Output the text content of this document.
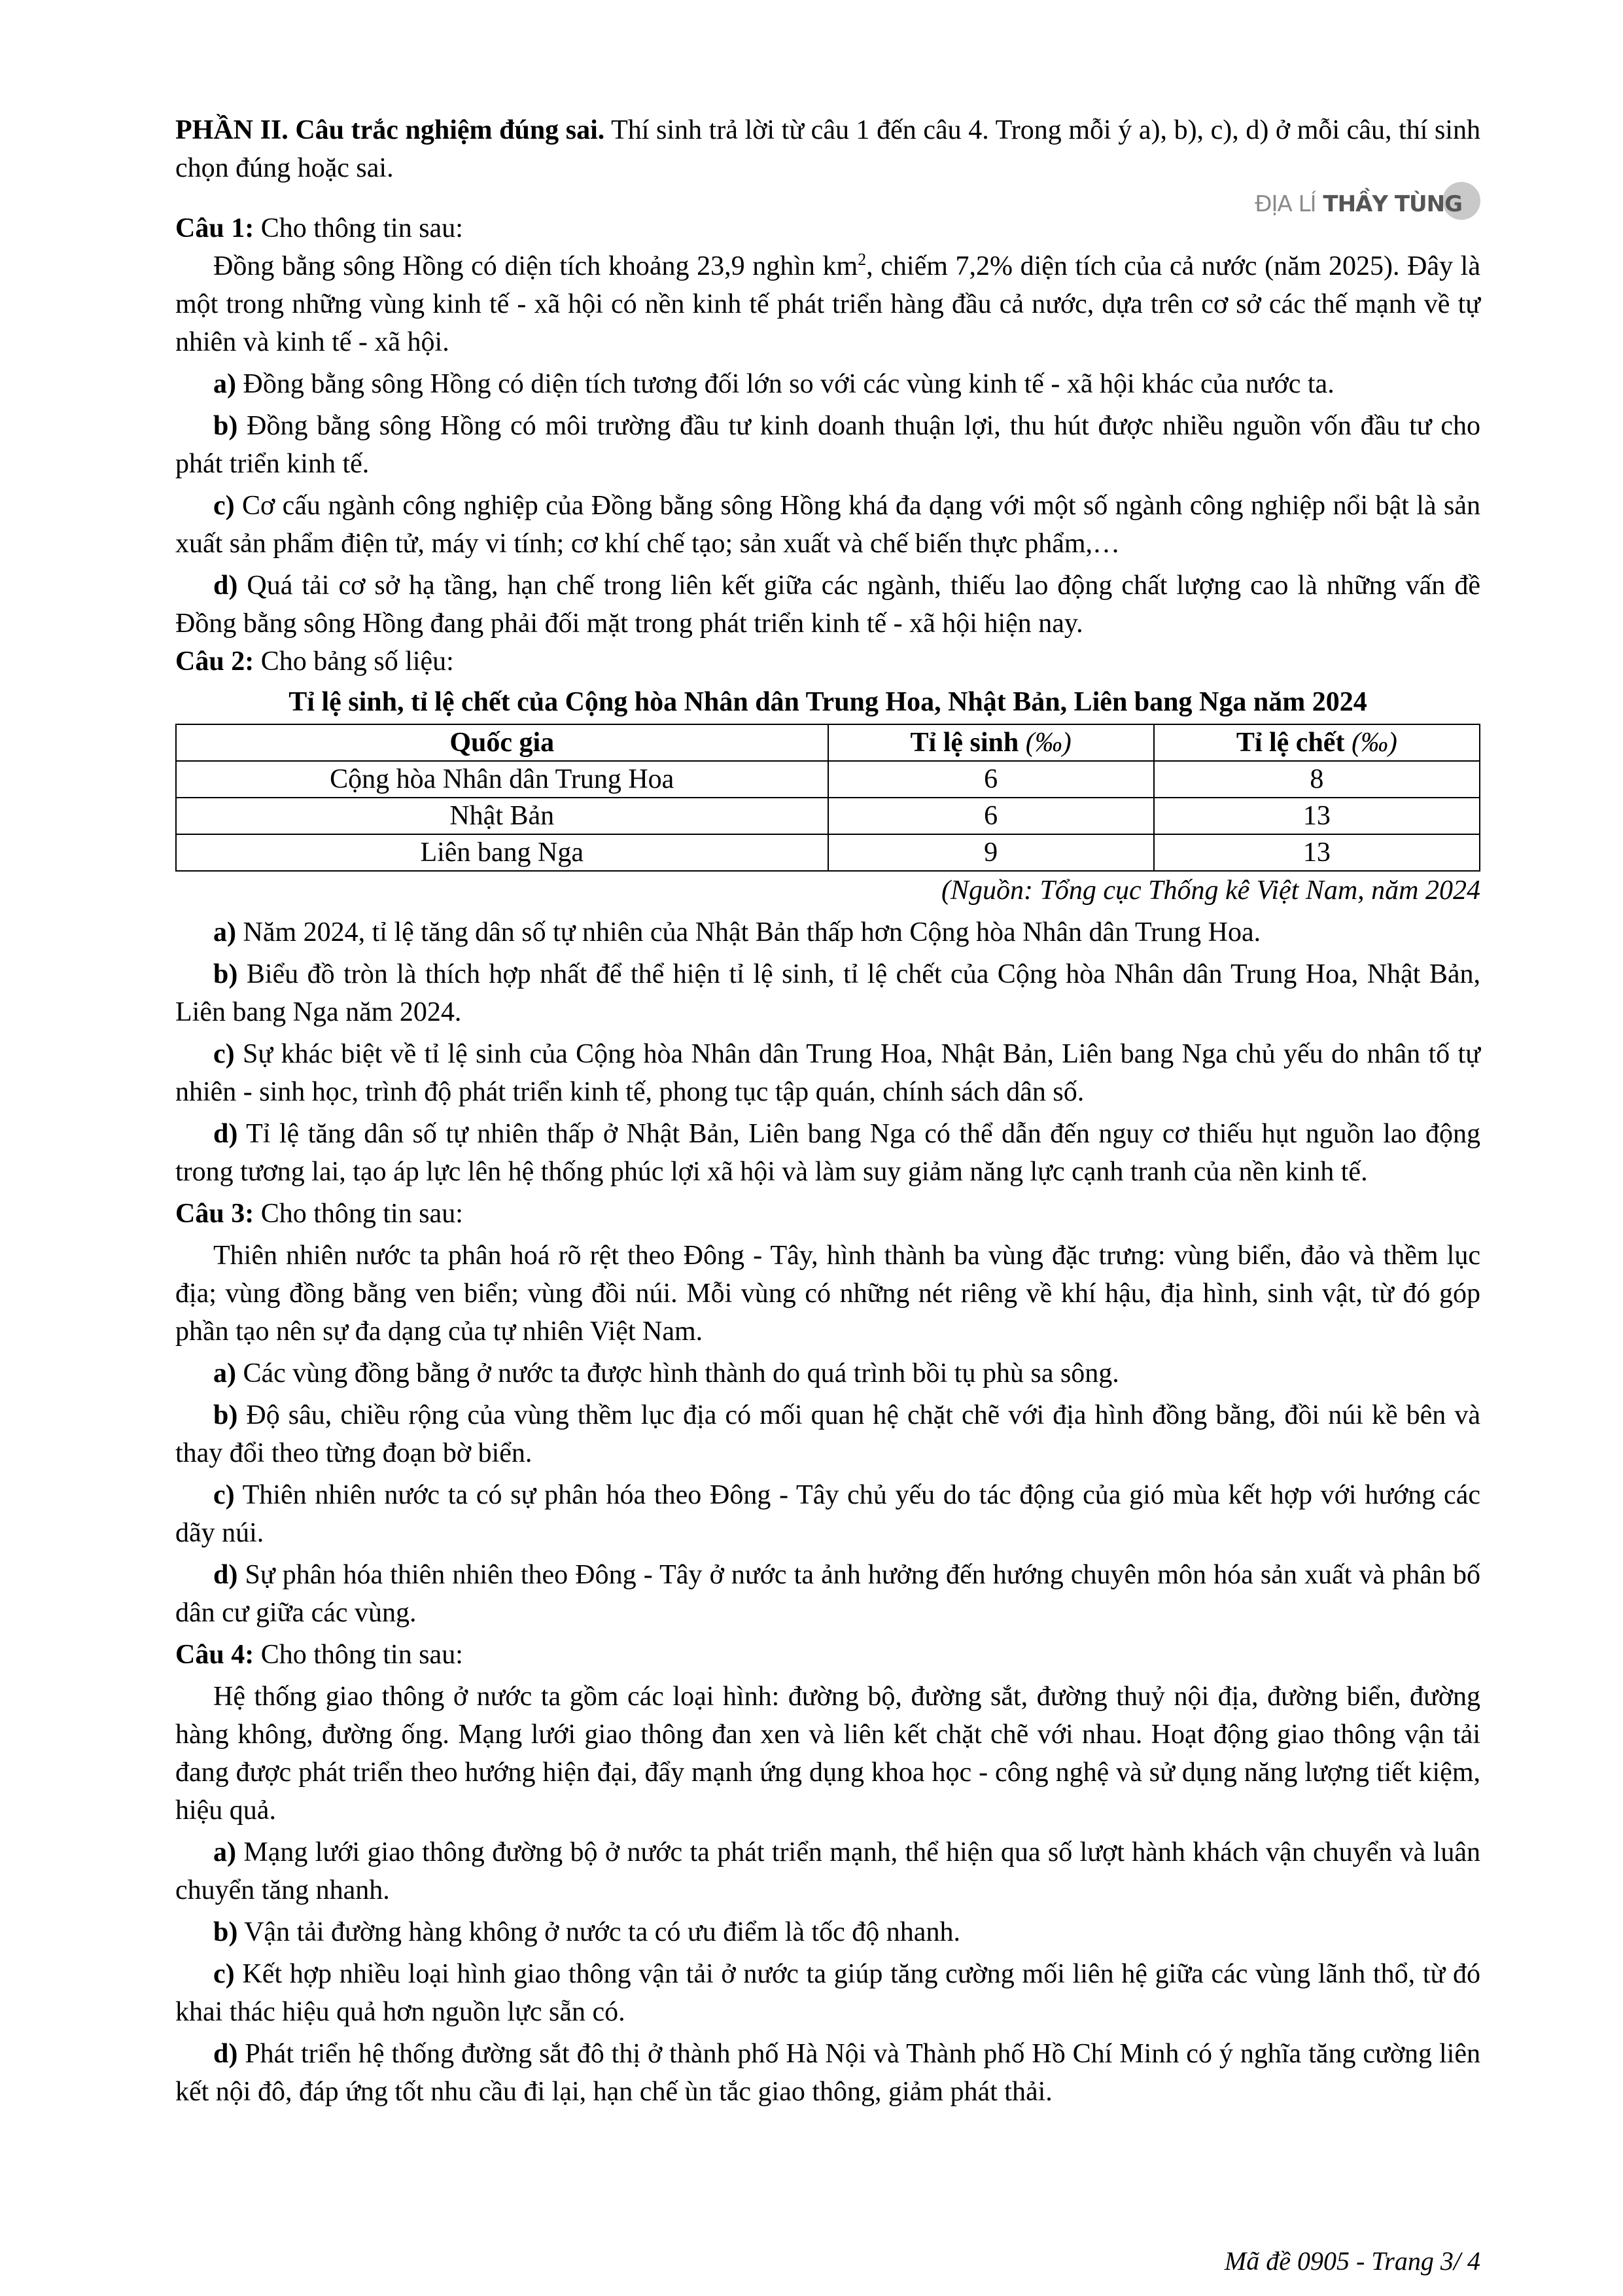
ĐỊA LÍ THẦY TÙNG

PHẦN II. Câu trắc nghiệm đúng sai. Thí sinh trả lời từ câu 1 đến câu 4. Trong mỗi ý a), b), c), d) ở mỗi câu, thí sinh chọn đúng hoặc sai.

Câu 1: Cho thông tin sau:

Đồng bằng sông Hồng có diện tích khoảng 23,9 nghìn $km^2$, chiếm 7,2% diện tích của cả nước (năm 2025). Đây là một trong những vùng kinh tế - xã hội có nền kinh tế phát triển hàng đầu cả nước, dựa trên cơ sở các thế mạnh về tự nhiên và kinh tế - xã hội.

a) Đồng bằng sông Hồng có diện tích tương đối lớn so với các vùng kinh tế - xã hội khác của nước ta.

b) Đồng bằng sông Hồng có môi trường đầu tư kinh doanh thuận lợi, thu hút được nhiều nguồn vốn đầu tư cho phát triển kinh tế.

c) Cơ cấu ngành công nghiệp của Đồng bằng sông Hồng khá đa dạng với một số ngành công nghiệp nổi bật là sản xuất sản phẩm điện tử, máy vi tính; cơ khí chế tạo; sản xuất và chế biến thực phẩm,…

d) Quá tải cơ sở hạ tầng, hạn chế trong liên kết giữa các ngành, thiếu lao động chất lượng cao là những vấn đề Đồng bằng sông Hồng đang phải đối mặt trong phát triển kinh tế - xã hội hiện nay.

Câu 2: Cho bảng số liệu:

Tỉ lệ sinh, tỉ lệ chết của Cộng hòa Nhân dân Trung Hoa, Nhật Bản, Liên bang Nga năm 2024

Quốc gia	Tỉ lệ sinh (‰)	Tỉ lệ chết (‰)
Cộng hòa Nhân dân Trung Hoa	6	8
Nhật Bản	6	13
Liên bang Nga	9	13

(Nguồn: Tổng cục Thống kê Việt Nam, năm 2024

a) Năm 2024, tỉ lệ tăng dân số tự nhiên của Nhật Bản thấp hơn Cộng hòa Nhân dân Trung Hoa.

b) Biểu đồ tròn là thích hợp nhất để thể hiện tỉ lệ sinh, tỉ lệ chết của Cộng hòa Nhân dân Trung Hoa, Nhật Bản, Liên bang Nga năm 2024.

c) Sự khác biệt về tỉ lệ sinh của Cộng hòa Nhân dân Trung Hoa, Nhật Bản, Liên bang Nga chủ yếu do nhân tố tự nhiên - sinh học, trình độ phát triển kinh tế, phong tục tập quán, chính sách dân số.

d) Tỉ lệ tăng dân số tự nhiên thấp ở Nhật Bản, Liên bang Nga có thể dẫn đến nguy cơ thiếu hụt nguồn lao động trong tương lai, tạo áp lực lên hệ thống phúc lợi xã hội và làm suy giảm năng lực cạnh tranh của nền kinh tế.

Câu 3: Cho thông tin sau:

Thiên nhiên nước ta phân hoá rõ rệt theo Đông - Tây, hình thành ba vùng đặc trưng: vùng biển, đảo và thềm lục địa; vùng đồng bằng ven biển; vùng đồi núi. Mỗi vùng có những nét riêng về khí hậu, địa hình, sinh vật, từ đó góp phần tạo nên sự đa dạng của tự nhiên Việt Nam.

a) Các vùng đồng bằng ở nước ta được hình thành do quá trình bồi tụ phù sa sông.

b) Độ sâu, chiều rộng của vùng thềm lục địa có mối quan hệ chặt chẽ với địa hình đồng bằng, đồi núi kề bên và thay đổi theo từng đoạn bờ biển.

c) Thiên nhiên nước ta có sự phân hóa theo Đông - Tây chủ yếu do tác động của gió mùa kết hợp với hướng các dãy núi.

d) Sự phân hóa thiên nhiên theo Đông - Tây ở nước ta ảnh hưởng đến hướng chuyên môn hóa sản xuất và phân bố dân cư giữa các vùng.

Câu 4: Cho thông tin sau:

Hệ thống giao thông ở nước ta gồm các loại hình: đường bộ, đường sắt, đường thuỷ nội địa, đường biển, đường hàng không, đường ống. Mạng lưới giao thông đan xen và liên kết chặt chẽ với nhau. Hoạt động giao thông vận tải đang được phát triển theo hướng hiện đại, đẩy mạnh ứng dụng khoa học - công nghệ và sử dụng năng lượng tiết kiệm, hiệu quả.

a) Mạng lưới giao thông đường bộ ở nước ta phát triển mạnh, thể hiện qua số lượt hành khách vận chuyển và luân chuyển tăng nhanh.

b) Vận tải đường hàng không ở nước ta có ưu điểm là tốc độ nhanh.

c) Kết hợp nhiều loại hình giao thông vận tải ở nước ta giúp tăng cường mối liên hệ giữa các vùng lãnh thổ, từ đó khai thác hiệu quả hơn nguồn lực sẵn có.

d) Phát triển hệ thống đường sắt đô thị ở thành phố Hà Nội và Thành phố Hồ Chí Minh có ý nghĩa tăng cường liên kết nội đô, đáp ứng tốt nhu cầu đi lại, hạn chế ùn tắc giao thông, giảm phát thải.

Mã đề 0905 - Trang 3/ 4
